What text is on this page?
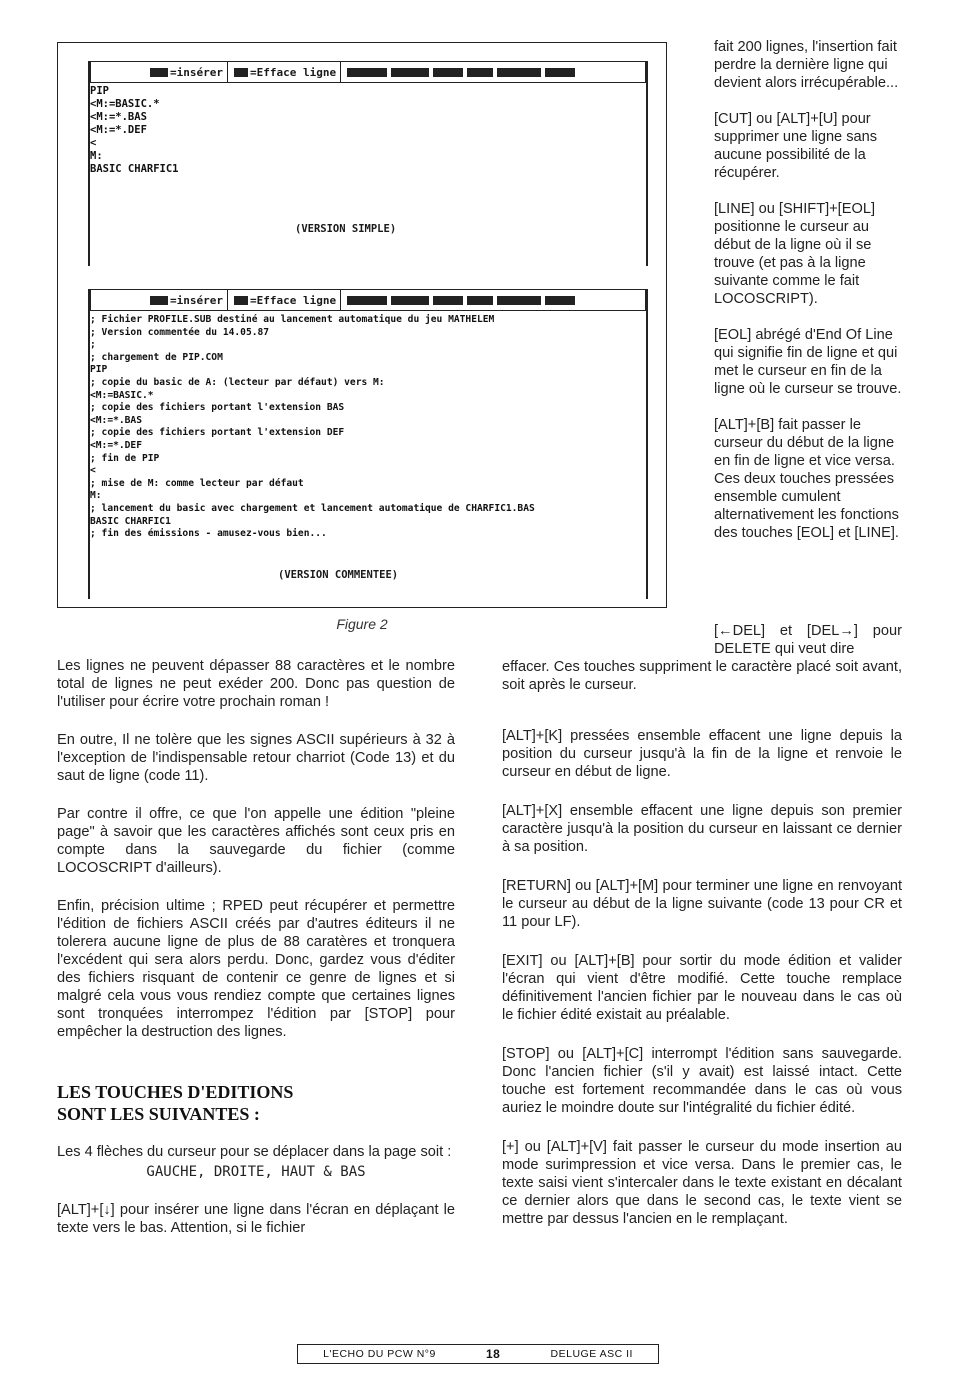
=insérer =Efface ligne
PIP
<M:=BASIC.*
<M:=*.BAS
<M:=*.DEF
<
M:
BASIC CHARFIC1
(VERSION SIMPLE)
=insérer =Efface ligne
; Fichier PROFILE.SUB destiné au lancement automatique du jeu MATHELEM
; Version commentée du 14.05.87
;
; chargement de PIP.COM
PIP
; copie du basic de A: (lecteur par défaut) vers M:
<M:=BASIC.*
; copie des fichiers portant l'extension BAS
<M:=*.BAS
; copie des fichiers portant l'extension DEF
<M:=*.DEF
; fin de PIP
<
; mise de M: comme lecteur par défaut
M:
; lancement du basic avec chargement et lancement automatique de CHARFIC1.BAS
BASIC CHARFIC1
; fin des émissions - amusez-vous bien...
(VERSION COMMENTEE)
Figure 2

fait 200 lignes, l'insertion fait perdre la dernière ligne qui devient alors irrécupérable...

[CUT] ou [ALT]+[U] pour supprimer une ligne sans aucune possibilité de la récupérer.

[LINE] ou [SHIFT]+[EOL] positionne le curseur au début de la ligne où il se trouve (et pas à la ligne suivante comme le fait LOCOSCRIPT).

[EOL] abrégé d'End Of Line qui signifie fin de ligne et qui met le curseur en fin de la ligne où le curseur se trouve.

[ALT]+[B] fait passer le curseur du début de la ligne en fin de ligne et vice versa. Ces deux touches pressées ensemble cumulent alternativement les fonctions des touches [EOL] et [LINE].

[←DEL] et [DEL→] pour DELETE qui veut dire
effacer. Ces touches suppriment le caractère placé soit avant, soit après le curseur.

[ALT]+[K] pressées ensemble effacent une ligne depuis la position du curseur jusqu'à la fin de la ligne et renvoie le curseur en début de ligne.

[ALT]+[X] ensemble effacent une ligne depuis son premier caractère jusqu'à la position du curseur en laissant ce dernier à sa position.

[RETURN] ou [ALT]+[M] pour terminer une ligne en renvoyant le curseur au début de la ligne suivante (code 13 pour CR et 11 pour LF).

[EXIT] ou [ALT]+[B] pour sortir du mode édition et valider l'écran qui vient d'être modifié. Cette touche remplace définitivement l'ancien fichier par le nouveau dans le cas où le fichier édité existait au préalable.

[STOP] ou [ALT]+[C] interrompt l'édition sans sauvegarde. Donc l'ancien fichier (s'il y avait) est laissé intact. Cette touche est fortement recommandée dans le cas où vous auriez le moindre doute sur l'intégralité du fichier édité.

[+] ou [ALT]+[V] fait passer le curseur du mode insertion au mode surimpression et vice versa. Dans le premier cas, le texte saisi vient s'intercaler dans le texte existant en décalant ce dernier alors que dans le second cas, le texte vient se mettre par dessus l'ancien en le remplaçant.

Les lignes ne peuvent dépasser 88 caractères et le nombre total de lignes ne peut exéder 200. Donc pas question de l'utiliser pour écrire votre prochain roman !

En outre, Il ne tolère que les signes ASCII supérieurs à 32 à l'exception de l'indispensable retour charriot (Code 13) et du saut de ligne (code 11).

Par contre il offre, ce que l'on appelle une édition "pleine page" à savoir que les caractères affichés sont ceux pris en compte dans la sauvegarde du fichier (comme LOCOSCRIPT d'ailleurs).

Enfin, précision ultime ; RPED peut récupérer et permettre l'édition de fichiers ASCII créés par d'autres éditeurs il ne tolerera aucune ligne de plus de 88 caratères et tronquera l'excédent qui sera alors perdu. Donc, gardez vous d'éditer des fichiers risquant de contenir ce genre de lignes et si malgré cela vous vous rendiez compte que certaines lignes sont tronquées interrompez l'édition par [STOP] pour empêcher la destruction des lignes.

LES TOUCHES D'EDITIONS
SONT LES SUIVANTES :

Les 4 flèches du curseur pour se déplacer dans la page soit :

GAUCHE, DROITE, HAUT & BAS

[ALT]+[↓] pour insérer une ligne dans l'écran en déplaçant le texte vers le bas. Attention, si le fichier

L'ECHO DU PCW N°9	18	DELUGE ASC II
